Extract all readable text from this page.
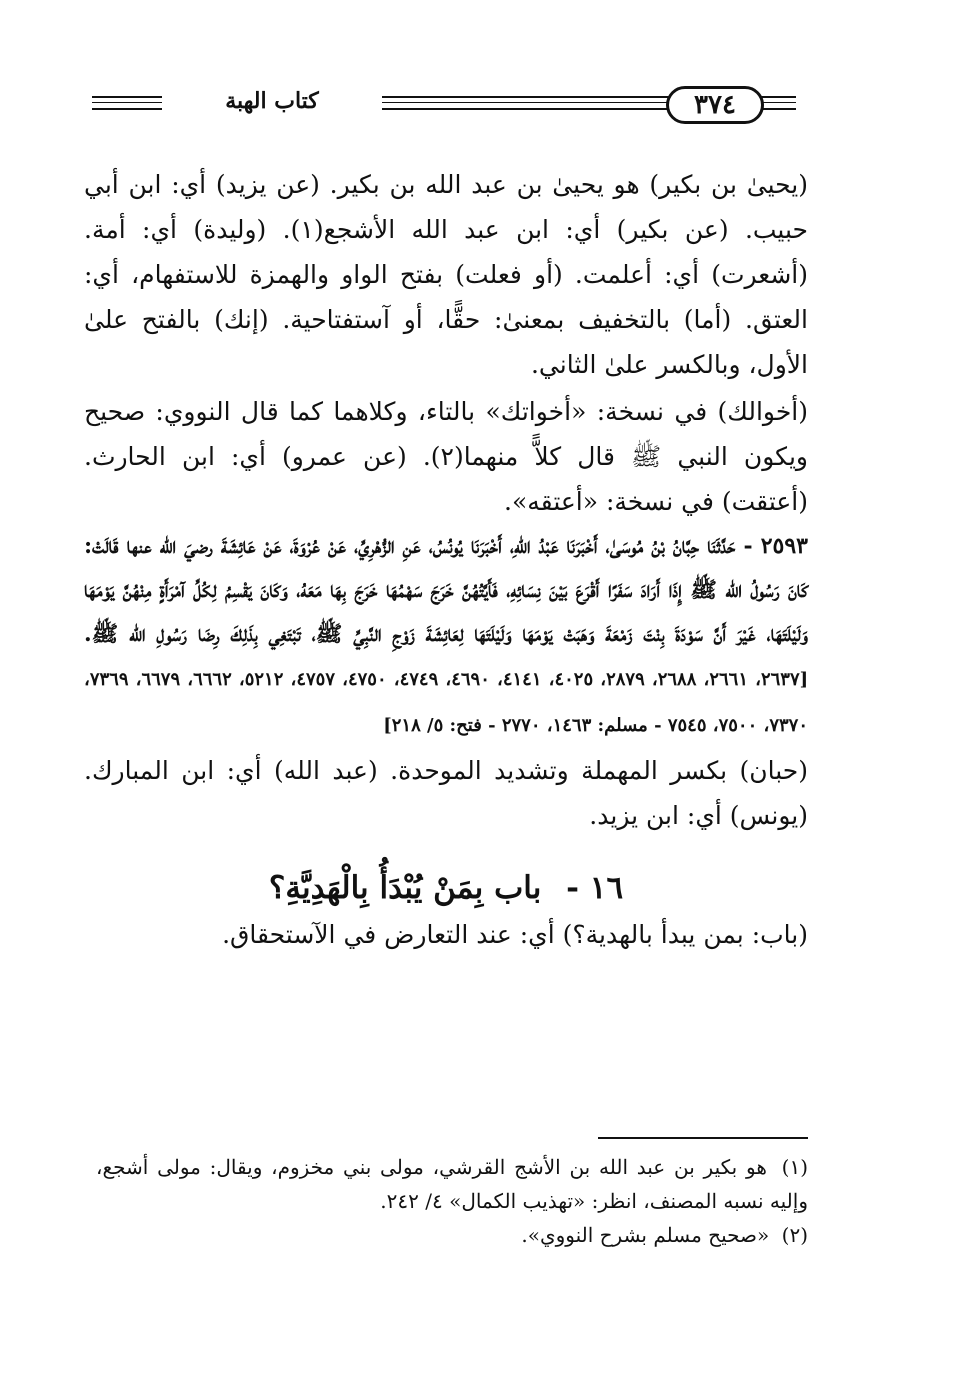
كتاب الهبة	٣٧٤

(يحيىٰ بن بكير) هو يحيىٰ بن عبد الله بن بكير. (عن يزيد) أي: ابن أبي حبيب. (عن بكير) أي: ابن عبد الله الأشجع(١). (وليدة) أي: أمة. (أشعرت) أي: أعلمت. (أو فعلت) بفتح الواو والهمزة للاستفهام، أي: العتق. (أما) بالتخفيف بمعنىٰ: حقًّا، أو آستفتاحية. (إنك) بالفتح علىٰ الأول، وبالكسر علىٰ الثاني.

(أخوالك) في نسخة: «أخواتك» بالتاء، وكلاهما كما قال النووي: صحيح ويكون النبي ﷺ قال كلاًّ منهما(٢). (عن عمرو) أي: ابن الحارث. (أعتقت) في نسخة: «أعتقه».

٢٥٩٣ - حَدَّثَنَا حِبَّانُ بْنُ مُوسَىٰ، أَخْبَرَنَا عَبْدُ اللهِ، أَخْبَرَنَا يُونُسُ، عَنِ الزُّهْرِيِّ، عَنْ عُرْوَةَ، عَنْ عَائِشَةَ رضيَ الله عنها قَالَتْ: كَانَ رَسُولُ الله ﷺ إِذَا أَرَادَ سَفَرًا أَقْرَعَ بَيْنَ نِسَائِهِ، فَأَيَّتُهُنَّ خَرَجَ سَهْمُهَا خَرَجَ بِهَا مَعَهُ، وَكَانَ يَقْسِمُ لِكُلِّ آمْرَأَةٍ مِنْهُنَّ يَوْمَهَا وَلَيْلَتَهَا، غَيْرَ أَنَّ سَوْدَةَ بِنْتَ زَمْعَةَ وَهَبَتْ يَوْمَهَا وَلَيْلَتَهَا لِعَائِشَةَ زَوْجِ النَّبِيِّ ﷺ، تَبْتَغِي بِذَلِكَ رِضَا رَسُولِ الله ﷺ. [٢٦٣٧، ٢٦٦١، ٢٦٨٨، ٢٨٧٩، ٤٠٢٥، ٤١٤١، ٤٦٩٠، ٤٧٤٩، ٤٧٥٠، ٤٧٥٧، ٥٢١٢، ٦٦٦٢، ٦٦٧٩، ٧٣٦٩، ٧٣٧٠، ٧٥٠٠، ٧٥٤٥ - مسلم: ١٤٦٣، ٢٧٧٠ - فتح: ٥/ ٢١٨]

(حبان) بكسر المهملة وتشديد الموحدة. (عبد الله) أي: ابن المبارك. (يونس) أي: ابن يزيد.

١٦ - باب بِمَنْ يُبْدَأُ بِالْهَدِيَّةِ؟

(باب: بمن يبدأ بالهدية؟) أي: عند التعارض في الآستحقاق.

(١) هو بكير بن عبد الله بن الأشج القرشي، مولى بني مخزوم، ويقال: مولى أشجع، وإليه نسبه المصنف، انظر: «تهذيب الكمال» ٤/ ٢٤٢.

(٢) «صحيح مسلم بشرح النووي».
